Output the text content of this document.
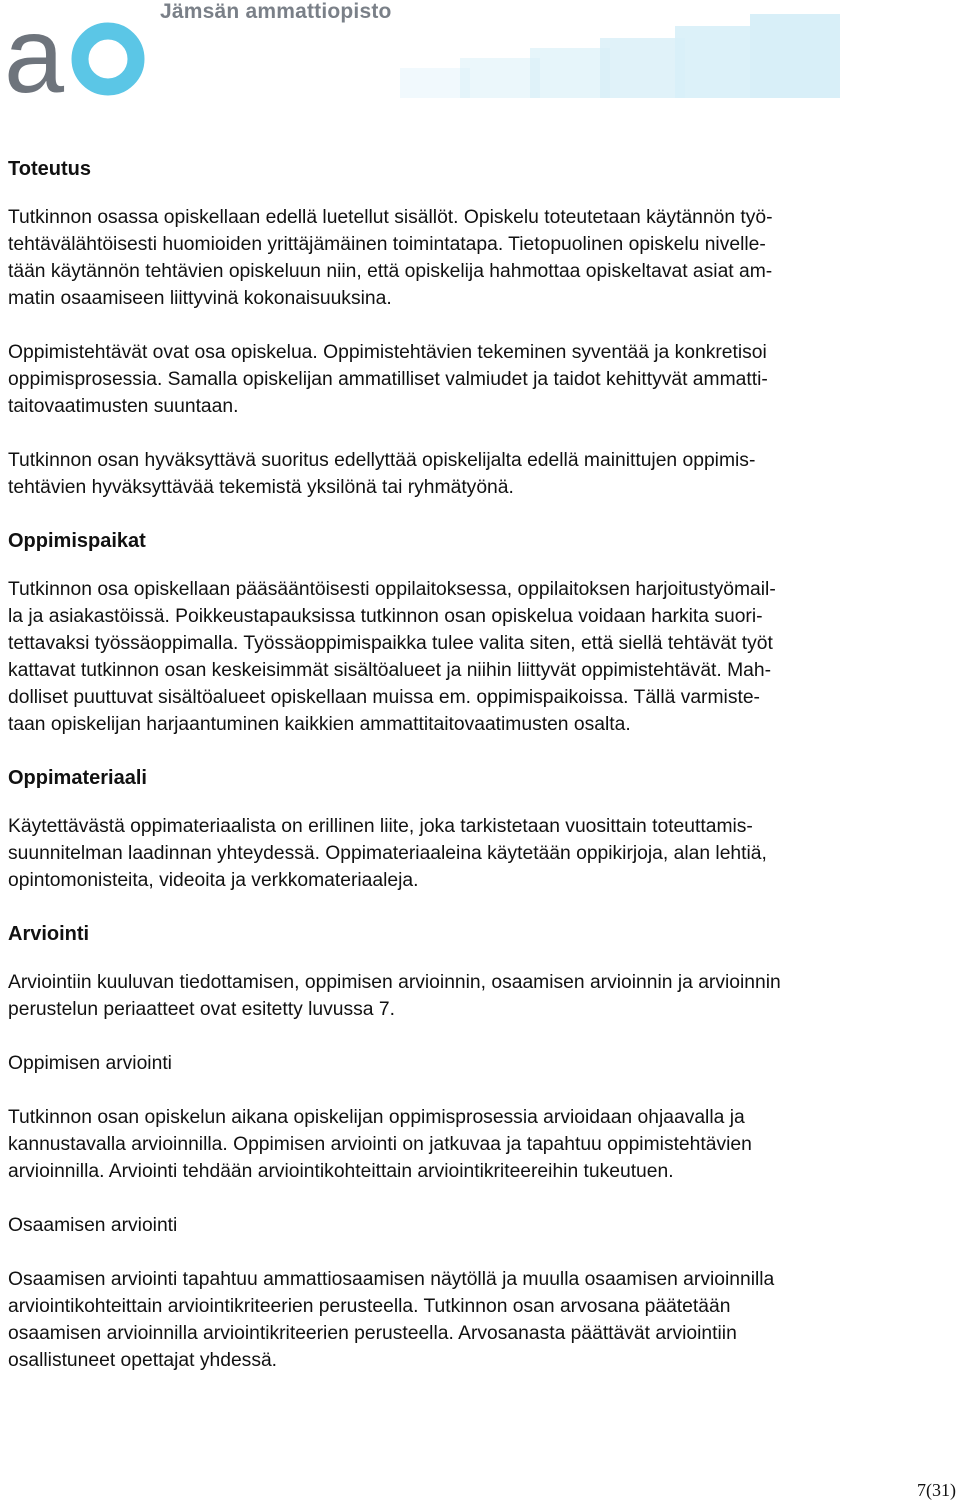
a	Jämsän ammattiopisto
Toteutus

Tutkinnon osassa opiskellaan edellä luetellut sisällöt. Opiskelu toteutetaan käytännön työ-
tehtävälähtöisesti huomioiden yrittäjämäinen toimintatapa. Tietopuolinen opiskelu nivelle-
tään käytännön tehtävien opiskeluun niin, että opiskelija hahmottaa opiskeltavat asiat am-
matin osaamiseen liittyvinä kokonaisuuksina.

Oppimistehtävät ovat osa opiskelua. Oppimistehtävien tekeminen syventää ja konkretisoi
oppimisprosessia. Samalla opiskelijan ammatilliset valmiudet ja taidot kehittyvät ammatti-
taitovaatimusten suuntaan.

Tutkinnon osan hyväksyttävä suoritus edellyttää opiskelijalta edellä mainittujen oppimis-
tehtävien hyväksyttävää tekemistä yksilönä tai ryhmätyönä.

Oppimispaikat

Tutkinnon osa opiskellaan pääsääntöisesti oppilaitoksessa, oppilaitoksen harjoitustyömail-
la ja asiakastöissä. Poikkeustapauksissa tutkinnon osan opiskelua voidaan harkita suori-
tettavaksi työssäoppimalla. Työssäoppimispaikka tulee valita siten, että siellä tehtävät työt
kattavat tutkinnon osan keskeisimmät sisältöalueet ja niihin liittyvät oppimistehtävät. Mah-
dolliset puuttuvat sisältöalueet opiskellaan muissa em. oppimispaikoissa. Tällä varmiste-
taan opiskelijan harjaantuminen kaikkien ammattitaitovaatimusten osalta.

Oppimateriaali

Käytettävästä oppimateriaalista on erillinen liite, joka tarkistetaan vuosittain toteuttamis-
suunnitelman laadinnan yhteydessä. Oppimateriaaleina käytetään oppikirjoja, alan lehtiä,
opintomonisteita, videoita ja verkkomateriaaleja.

Arviointi

Arviointiin kuuluvan tiedottamisen, oppimisen arvioinnin, osaamisen arvioinnin ja arvioinnin
perustelun periaatteet ovat esitetty luvussa 7.

Oppimisen arviointi

Tutkinnon osan opiskelun aikana opiskelijan oppimisprosessia arvioidaan ohjaavalla ja
kannustavalla arvioinnilla. Oppimisen arviointi on jatkuvaa ja tapahtuu oppimistehtävien
arvioinnilla. Arviointi tehdään arviointikohteittain arviointikriteereihin tukeutuen.

Osaamisen arviointi

Osaamisen arviointi tapahtuu ammattiosaamisen näytöllä ja muulla osaamisen arvioinnilla
arviointikohteittain arviointikriteerien perusteella. Tutkinnon osan arvosana päätetään
osaamisen arvioinnilla arviointikriteerien perusteella. Arvosanasta päättävät arviointiin
osallistuneet opettajat yhdessä.

7(31)
